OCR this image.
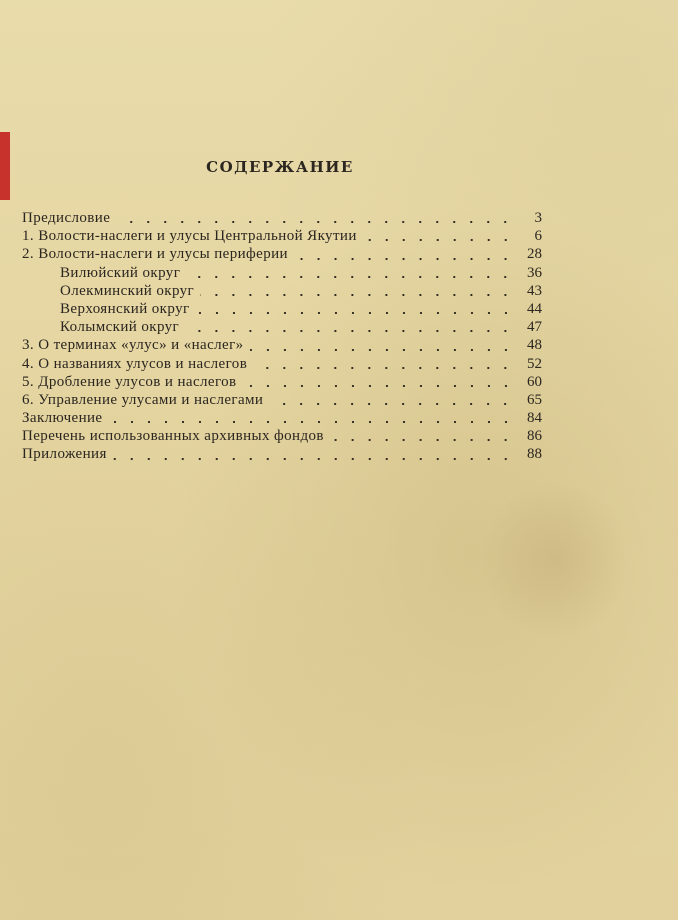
СОДЕРЖАНИЕ
Предисловие	3
1. Волости-наслеги и улусы Центральной Якутии	6
2. Волости-наслеги и улусы периферии	28
Вилюйский округ	36
Олекминский округ	43
Верхоянский округ	44
Колымский округ	47
3. О терминах «улус» и «наслег»	48
4. О названиях улусов и наслегов	52
5. Дробление улусов и наслегов	60
6. Управление улусами и наслегами	65
Заключение	84
Перечень использованных архивных фондов	86
Приложения	88
